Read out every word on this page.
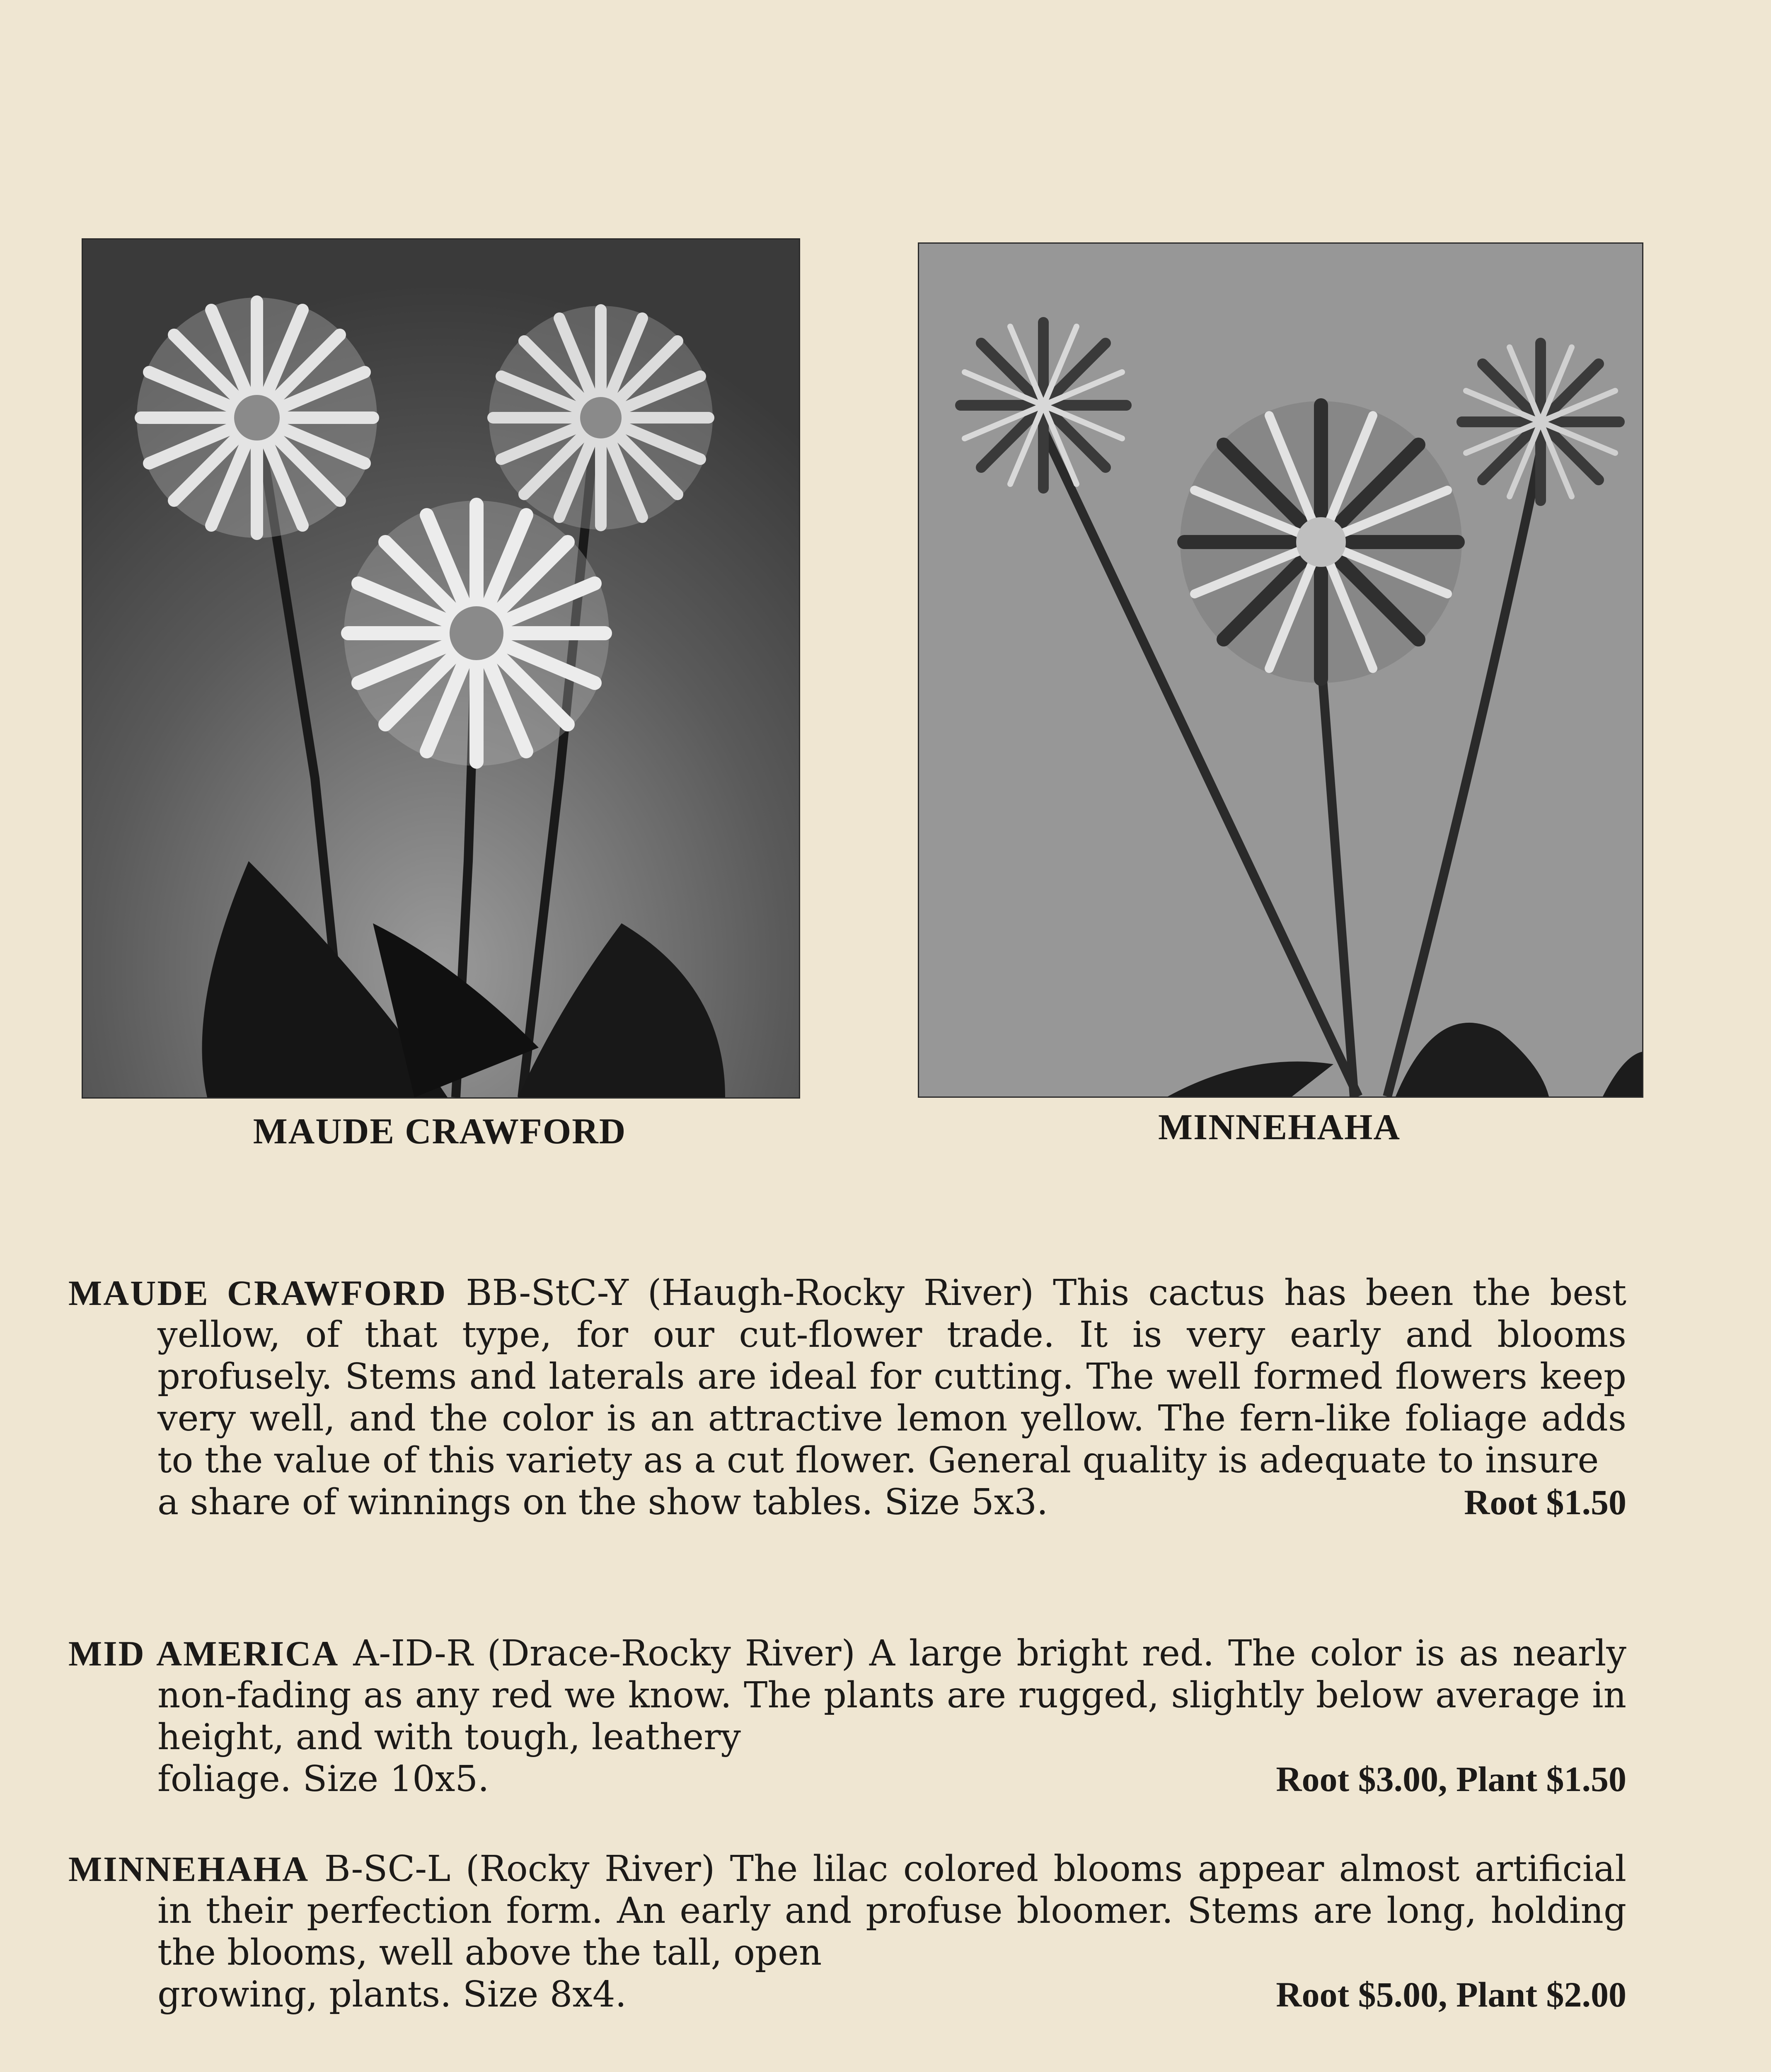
MAUDE CRAWFORD	MINNEHAHA
MAUDE CRAWFORD BB-StC-Y (Haugh-Rocky River) This cactus has been the best yellow, of that type, for our cut-flower trade. It is very early and blooms profusely. Stems and laterals are ideal for cutting. The well formed flowers keep very well, and the color is an attractive lemon yellow. The fern-like foliage adds to the value of this variety as a cut flower. General quality is adequate to insure
a share of winnings on the show tables. Size 5x3.	Root $1.50
MID AMERICA A-ID-R (Drace-Rocky River) A large bright red. The color is as nearly non-fading as any red we know. The plants are rugged, slightly below average in height, and with tough, leathery
foliage. Size 10x5.	Root $3.00, Plant $1.50
MINNEHAHA B-SC-L (Rocky River) The lilac colored blooms appear almost artificial in their perfection form. An early and profuse bloomer. Stems are long, holding the blooms, well above the tall, open
growing, plants. Size 8x4.	Root $5.00, Plant $2.00
